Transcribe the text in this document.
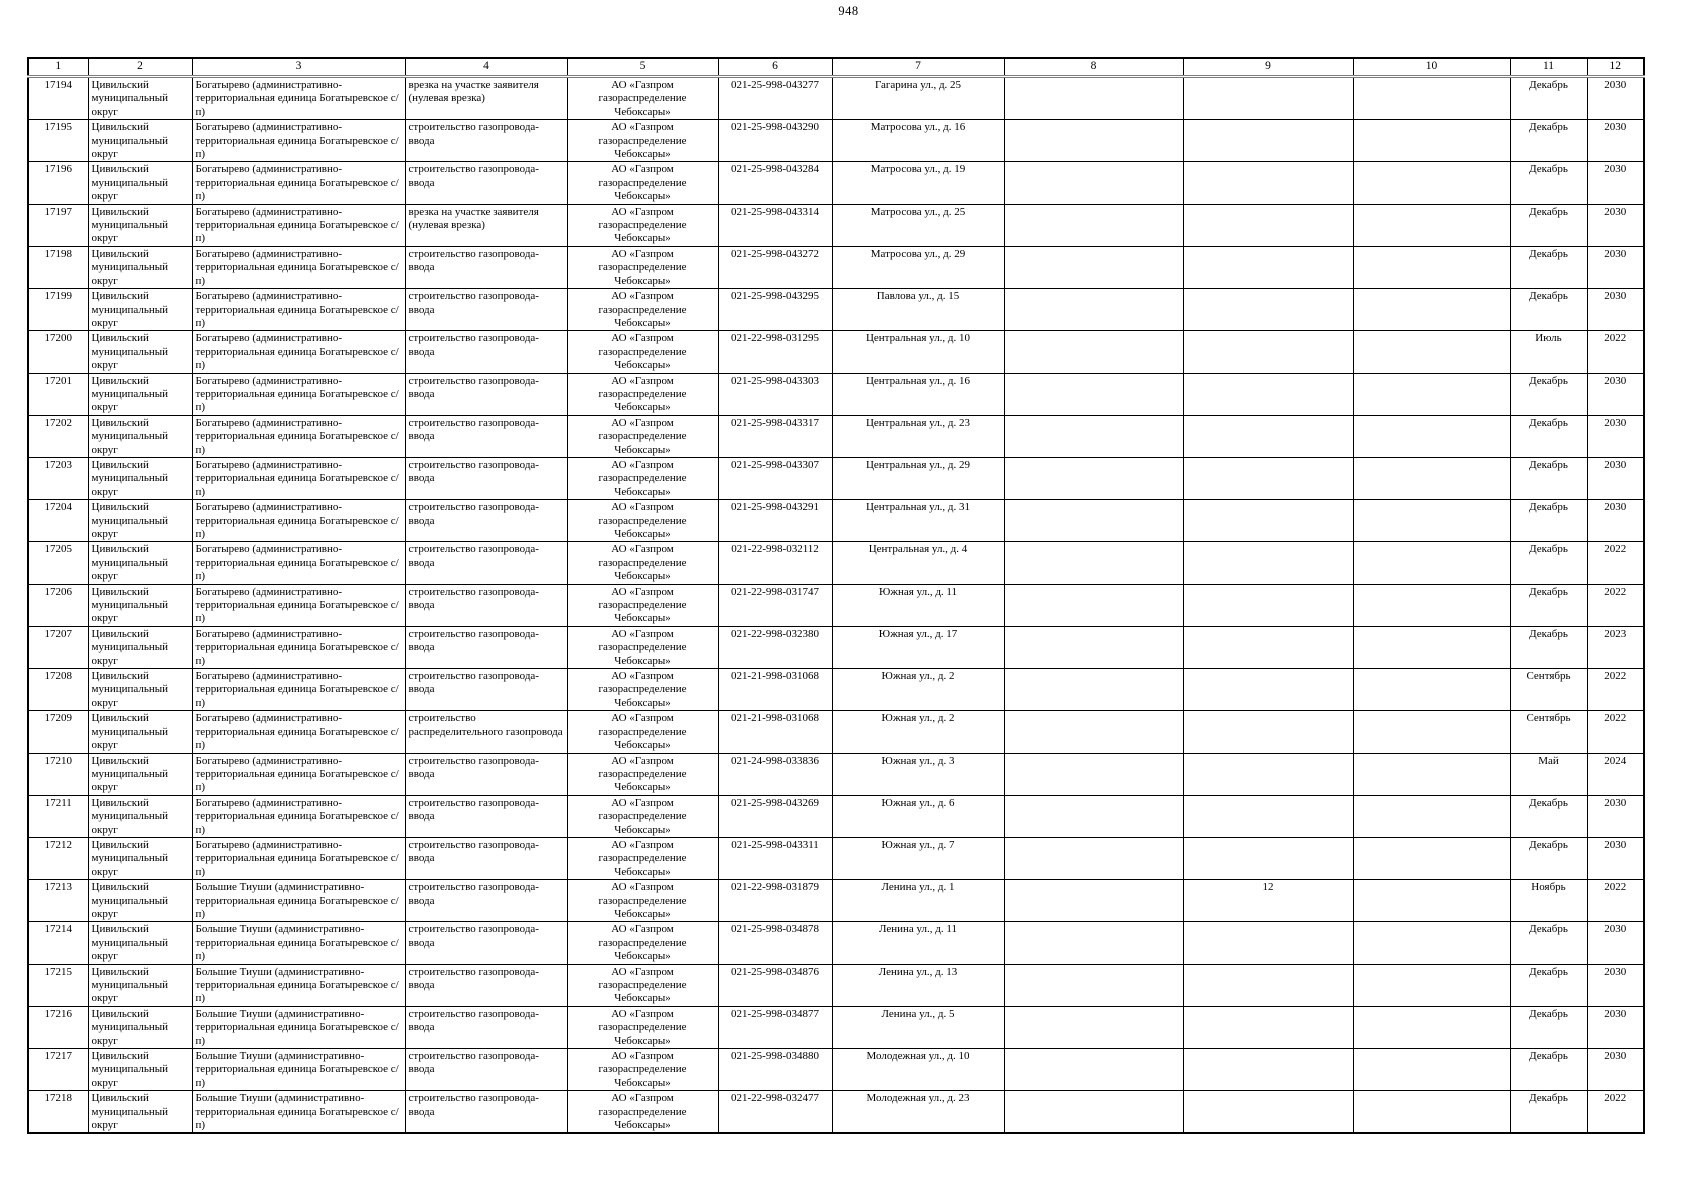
948
1	2	3	4	5	6	7	8	9	10	11	12
17194	Цивильский муниципальный округ	Богатырево (административно-территориальная единица Богатыревское с/п)	врезка на участке заявителя (нулевая врезка)	АО «Газпром газораспределение Чебоксары»	021-25-998-043277	Гагарина ул., д. 25				Декабрь	2030
17195	Цивильский муниципальный округ	Богатырево (административно-территориальная единица Богатыревское с/п)	строительство газопровода-ввода	АО «Газпром газораспределение Чебоксары»	021-25-998-043290	Матросова ул., д. 16				Декабрь	2030
17196	Цивильский муниципальный округ	Богатырево (административно-территориальная единица Богатыревское с/п)	строительство газопровода-ввода	АО «Газпром газораспределение Чебоксары»	021-25-998-043284	Матросова ул., д. 19				Декабрь	2030
17197	Цивильский муниципальный округ	Богатырево (административно-территориальная единица Богатыревское с/п)	врезка на участке заявителя (нулевая врезка)	АО «Газпром газораспределение Чебоксары»	021-25-998-043314	Матросова ул., д. 25				Декабрь	2030
17198	Цивильский муниципальный округ	Богатырево (административно-территориальная единица Богатыревское с/п)	строительство газопровода-ввода	АО «Газпром газораспределение Чебоксары»	021-25-998-043272	Матросова ул., д. 29				Декабрь	2030
17199	Цивильский муниципальный округ	Богатырево (административно-территориальная единица Богатыревское с/п)	строительство газопровода-ввода	АО «Газпром газораспределение Чебоксары»	021-25-998-043295	Павлова ул., д. 15				Декабрь	2030
17200	Цивильский муниципальный округ	Богатырево (административно-территориальная единица Богатыревское с/п)	строительство газопровода-ввода	АО «Газпром газораспределение Чебоксары»	021-22-998-031295	Центральная ул., д. 10				Июль	2022
17201	Цивильский муниципальный округ	Богатырево (административно-территориальная единица Богатыревское с/п)	строительство газопровода-ввода	АО «Газпром газораспределение Чебоксары»	021-25-998-043303	Центральная ул., д. 16				Декабрь	2030
17202	Цивильский муниципальный округ	Богатырево (административно-территориальная единица Богатыревское с/п)	строительство газопровода-ввода	АО «Газпром газораспределение Чебоксары»	021-25-998-043317	Центральная ул., д. 23				Декабрь	2030
17203	Цивильский муниципальный округ	Богатырево (административно-территориальная единица Богатыревское с/п)	строительство газопровода-ввода	АО «Газпром газораспределение Чебоксары»	021-25-998-043307	Центральная ул., д. 29				Декабрь	2030
17204	Цивильский муниципальный округ	Богатырево (административно-территориальная единица Богатыревское с/п)	строительство газопровода-ввода	АО «Газпром газораспределение Чебоксары»	021-25-998-043291	Центральная ул., д. 31				Декабрь	2030
17205	Цивильский муниципальный округ	Богатырево (административно-территориальная единица Богатыревское с/п)	строительство газопровода-ввода	АО «Газпром газораспределение Чебоксары»	021-22-998-032112	Центральная ул., д. 4				Декабрь	2022
17206	Цивильский муниципальный округ	Богатырево (административно-территориальная единица Богатыревское с/п)	строительство газопровода-ввода	АО «Газпром газораспределение Чебоксары»	021-22-998-031747	Южная ул., д. 11				Декабрь	2022
17207	Цивильский муниципальный округ	Богатырево (административно-территориальная единица Богатыревское с/п)	строительство газопровода-ввода	АО «Газпром газораспределение Чебоксары»	021-22-998-032380	Южная ул., д. 17				Декабрь	2023
17208	Цивильский муниципальный округ	Богатырево (административно-территориальная единица Богатыревское с/п)	строительство газопровода-ввода	АО «Газпром газораспределение Чебоксары»	021-21-998-031068	Южная ул., д. 2				Сентябрь	2022
17209	Цивильский муниципальный округ	Богатырево (административно-территориальная единица Богатыревское с/п)	строительство распределительного газопровода	АО «Газпром газораспределение Чебоксары»	021-21-998-031068	Южная ул., д. 2				Сентябрь	2022
17210	Цивильский муниципальный округ	Богатырево (административно-территориальная единица Богатыревское с/п)	строительство газопровода-ввода	АО «Газпром газораспределение Чебоксары»	021-24-998-033836	Южная ул., д. 3				Май	2024
17211	Цивильский муниципальный округ	Богатырево (административно-территориальная единица Богатыревское с/п)	строительство газопровода-ввода	АО «Газпром газораспределение Чебоксары»	021-25-998-043269	Южная ул., д. 6				Декабрь	2030
17212	Цивильский муниципальный округ	Богатырево (административно-территориальная единица Богатыревское с/п)	строительство газопровода-ввода	АО «Газпром газораспределение Чебоксары»	021-25-998-043311	Южная ул., д. 7				Декабрь	2030
17213	Цивильский муниципальный округ	Большие Тиуши (административно-территориальная единица Богатыревское с/п)	строительство газопровода-ввода	АО «Газпром газораспределение Чебоксары»	021-22-998-031879	Ленина ул., д. 1		12		Ноябрь	2022
17214	Цивильский муниципальный округ	Большие Тиуши (административно-территориальная единица Богатыревское с/п)	строительство газопровода-ввода	АО «Газпром газораспределение Чебоксары»	021-25-998-034878	Ленина ул., д. 11				Декабрь	2030
17215	Цивильский муниципальный округ	Большие Тиуши (административно-территориальная единица Богатыревское с/п)	строительство газопровода-ввода	АО «Газпром газораспределение Чебоксары»	021-25-998-034876	Ленина ул., д. 13				Декабрь	2030
17216	Цивильский муниципальный округ	Большие Тиуши (административно-территориальная единица Богатыревское с/п)	строительство газопровода-ввода	АО «Газпром газораспределение Чебоксары»	021-25-998-034877	Ленина ул., д. 5				Декабрь	2030
17217	Цивильский муниципальный округ	Большие Тиуши (административно-территориальная единица Богатыревское с/п)	строительство газопровода-ввода	АО «Газпром газораспределение Чебоксары»	021-25-998-034880	Молодежная ул., д. 10				Декабрь	2030
17218	Цивильский муниципальный округ	Большие Тиуши (административно-территориальная единица Богатыревское с/п)	строительство газопровода-ввода	АО «Газпром газораспределение Чебоксары»	021-22-998-032477	Молодежная ул., д. 23				Декабрь	2022
